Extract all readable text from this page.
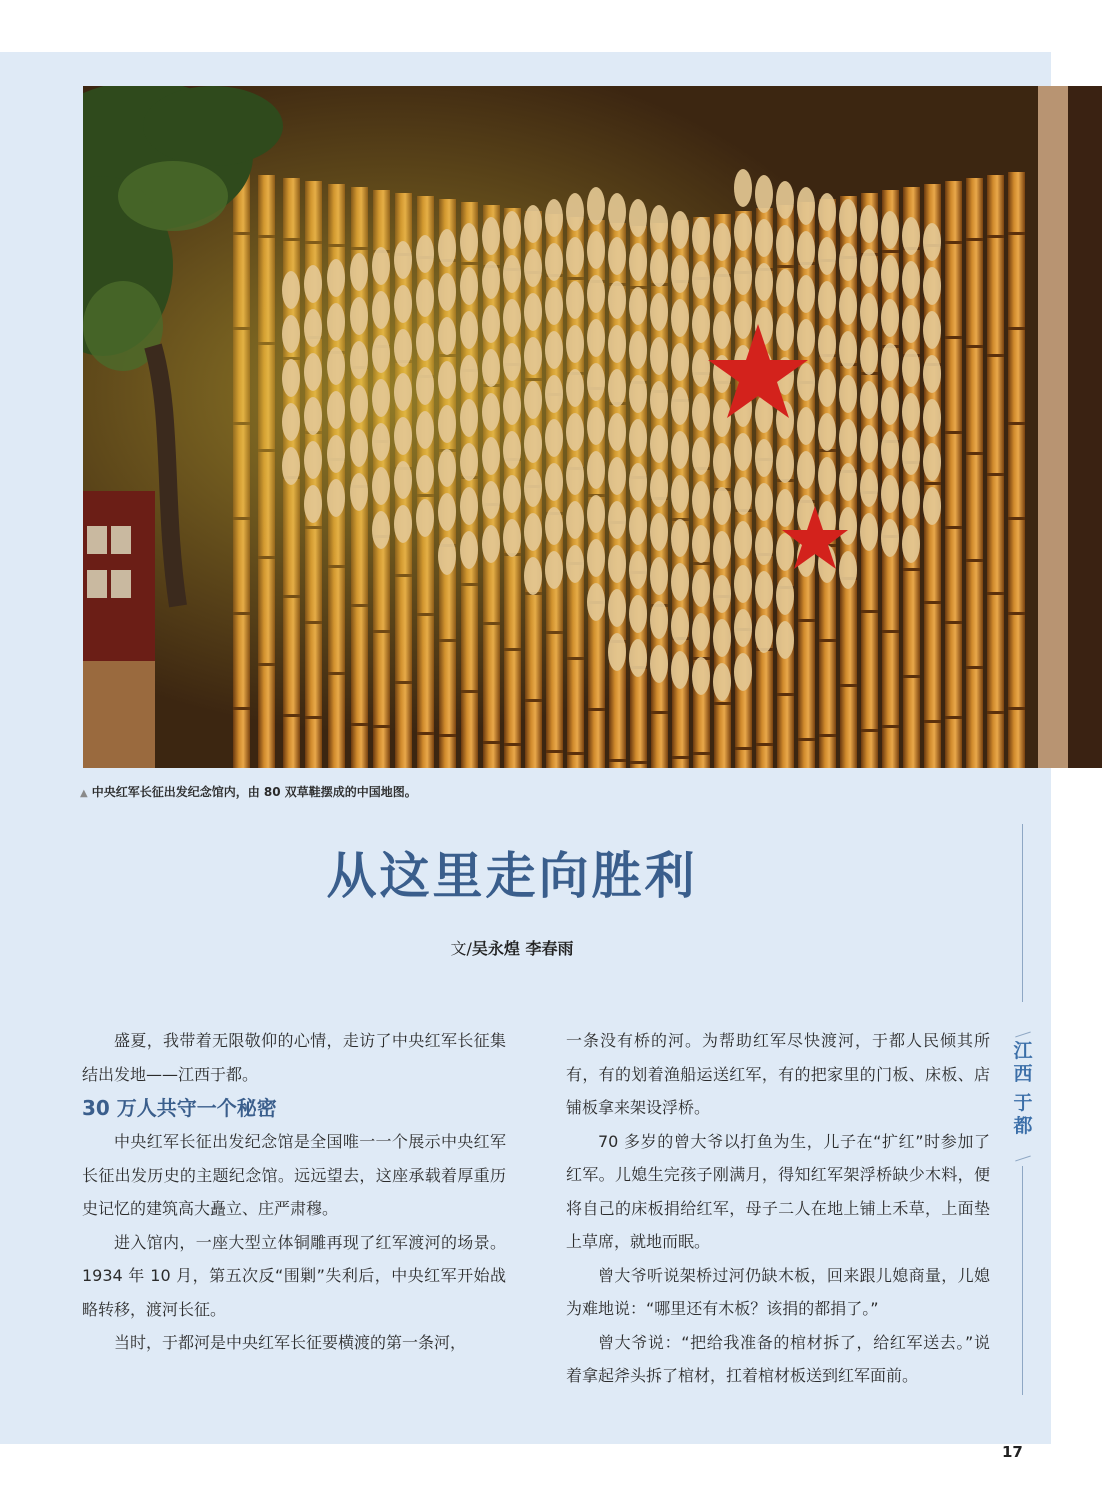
▲ 中央红军长征出发纪念馆内，由 80 双草鞋摆成的中国地图。
从这里走向胜利
文/吴永煌 李春雨

盛夏，我带着无限敬仰的心情，走访了中央红军长征集结出发地——江西于都。

30 万人共守一个秘密

中央红军长征出发纪念馆是全国唯一一个展示中央红军长征出发历史的主题纪念馆。远远望去，这座承载着厚重历史记忆的建筑高大矗立、庄严肃穆。

进入馆内，一座大型立体铜雕再现了红军渡河的场景。1934 年 10 月，第五次反“围剿”失利后，中央红军开始战略转移，渡河长征。

当时，于都河是中央红军长征要横渡的第一条河，

一条没有桥的河。为帮助红军尽快渡河，于都人民倾其所有，有的划着渔船运送红军，有的把家里的门板、床板、店铺板拿来架设浮桥。

70 多岁的曾大爷以打鱼为生，儿子在“扩红”时参加了红军。儿媳生完孩子刚满月，得知红军架浮桥缺少木料，便将自己的床板捐给红军，母子二人在地上铺上禾草，上面垫上草席，就地而眠。

曾大爷听说架桥过河仍缺木板，回来跟儿媳商量，儿媳为难地说：“哪里还有木板？该捐的都捐了。”

曾大爷说：“把给我准备的棺材拆了，给红军送去。”说着拿起斧头拆了棺材，扛着棺材板送到红军面前。

江
西
于
都
17
